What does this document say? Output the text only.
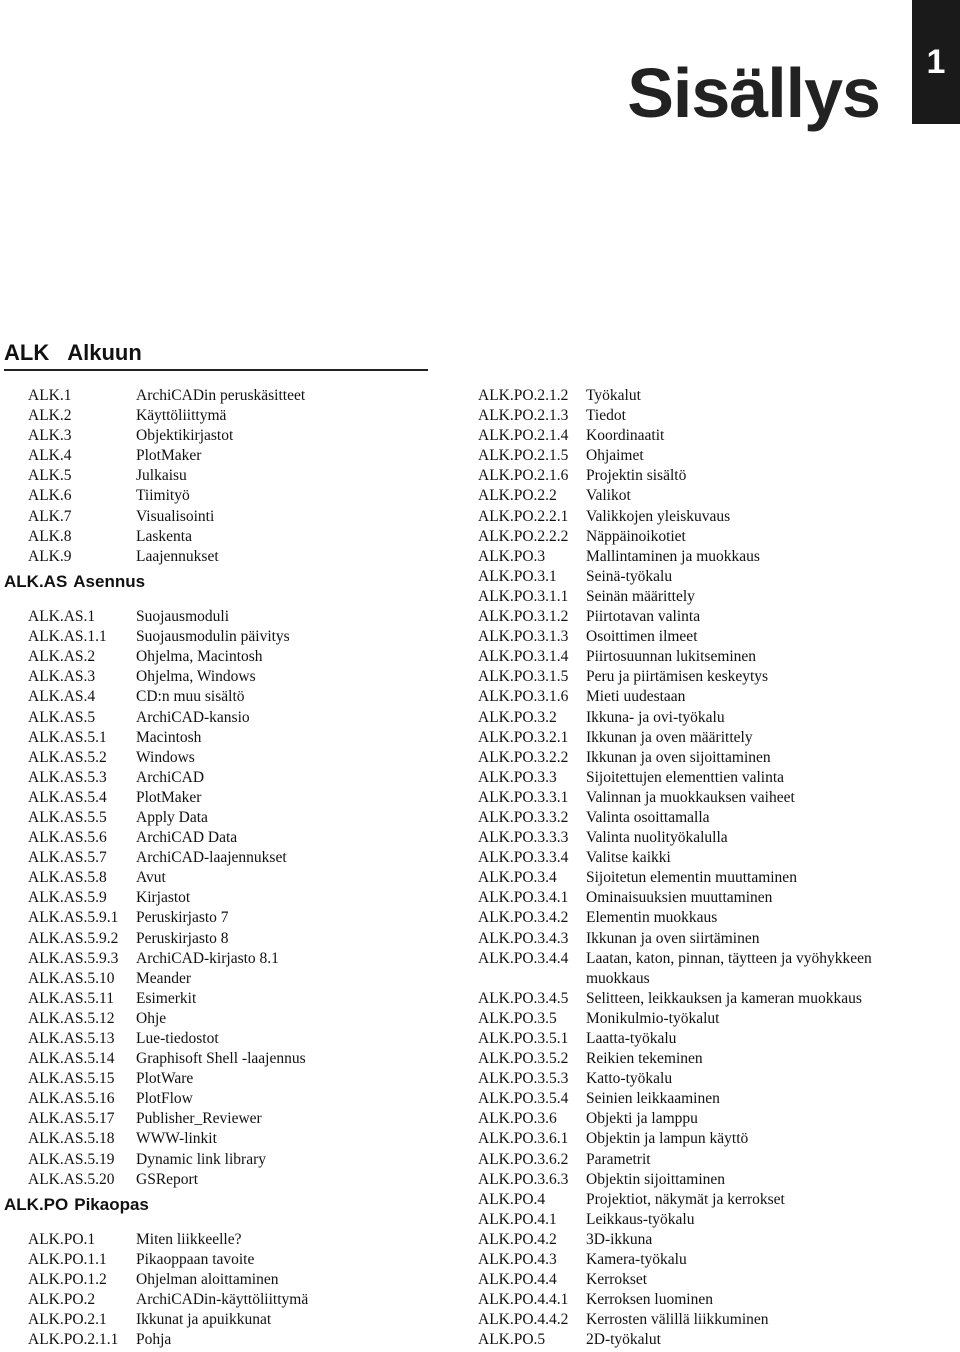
1
Sisällys
ALK Alkuun
ALK.1	ArchiCADin peruskäsitteet
ALK.2	Käyttöliittymä
ALK.3	Objektikirjastot
ALK.4	PlotMaker
ALK.5	Julkaisu
ALK.6	Tiimityö
ALK.7	Visualisointi
ALK.8	Laskenta
ALK.9	Laajennukset
ALK.AS Asennus
ALK.AS.1	Suojausmoduli
ALK.AS.1.1	Suojausmodulin päivitys
ALK.AS.2	Ohjelma, Macintosh
ALK.AS.3	Ohjelma, Windows
ALK.AS.4	CD:n muu sisältö
ALK.AS.5	ArchiCAD-kansio
ALK.AS.5.1	Macintosh
ALK.AS.5.2	Windows
ALK.AS.5.3	ArchiCAD
ALK.AS.5.4	PlotMaker
ALK.AS.5.5	Apply Data
ALK.AS.5.6	ArchiCAD Data
ALK.AS.5.7	ArchiCAD-laajennukset
ALK.AS.5.8	Avut
ALK.AS.5.9	Kirjastot
ALK.AS.5.9.1	Peruskirjasto 7
ALK.AS.5.9.2	Peruskirjasto 8
ALK.AS.5.9.3	ArchiCAD-kirjasto 8.1
ALK.AS.5.10	Meander
ALK.AS.5.11	Esimerkit
ALK.AS.5.12	Ohje
ALK.AS.5.13	Lue-tiedostot
ALK.AS.5.14	Graphisoft Shell -laajennus
ALK.AS.5.15	PlotWare
ALK.AS.5.16	PlotFlow
ALK.AS.5.17	Publisher_Reviewer
ALK.AS.5.18	WWW-linkit
ALK.AS.5.19	Dynamic link library
ALK.AS.5.20	GSReport
ALK.PO Pikaopas
ALK.PO.1	Miten liikkeelle?
ALK.PO.1.1	Pikaoppaan tavoite
ALK.PO.1.2	Ohjelman aloittaminen
ALK.PO.2	ArchiCADin-käyttöliittymä
ALK.PO.2.1	Ikkunat ja apuikkunat
ALK.PO.2.1.1	Pohja
ALK.PO.2.1.2	Työkalut
ALK.PO.2.1.3	Tiedot
ALK.PO.2.1.4	Koordinaatit
ALK.PO.2.1.5	Ohjaimet
ALK.PO.2.1.6	Projektin sisältö
ALK.PO.2.2	Valikot
ALK.PO.2.2.1	Valikkojen yleiskuvaus
ALK.PO.2.2.2	Näppäinoikotiet
ALK.PO.3	Mallintaminen ja muokkaus
ALK.PO.3.1	Seinä-työkalu
ALK.PO.3.1.1	Seinän määrittely
ALK.PO.3.1.2	Piirtotavan valinta
ALK.PO.3.1.3	Osoittimen ilmeet
ALK.PO.3.1.4	Piirtosuunnan lukitseminen
ALK.PO.3.1.5	Peru ja piirtämisen keskeytys
ALK.PO.3.1.6	Mieti uudestaan
ALK.PO.3.2	Ikkuna- ja ovi-työkalu
ALK.PO.3.2.1	Ikkunan ja oven määrittely
ALK.PO.3.2.2	Ikkunan ja oven sijoittaminen
ALK.PO.3.3	Sijoitettujen elementtien valinta
ALK.PO.3.3.1	Valinnan ja muokkauksen vaiheet
ALK.PO.3.3.2	Valinta osoittamalla
ALK.PO.3.3.3	Valinta nuolityökalulla
ALK.PO.3.3.4	Valitse kaikki
ALK.PO.3.4	Sijoitetun elementin muuttaminen
ALK.PO.3.4.1	Ominaisuuksien muuttaminen
ALK.PO.3.4.2	Elementin muokkaus
ALK.PO.3.4.3	Ikkunan ja oven siirtäminen
ALK.PO.3.4.4	Laatan, katon, pinnan, täytteen ja vyöhykkeen muokkaus
ALK.PO.3.4.5	Selitteen, leikkauksen ja kameran muokkaus
ALK.PO.3.5	Monikulmio-työkalut
ALK.PO.3.5.1	Laatta-työkalu
ALK.PO.3.5.2	Reikien tekeminen
ALK.PO.3.5.3	Katto-työkalu
ALK.PO.3.5.4	Seinien leikkaaminen
ALK.PO.3.6	Objekti ja lamppu
ALK.PO.3.6.1	Objektin ja lampun käyttö
ALK.PO.3.6.2	Parametrit
ALK.PO.3.6.3	Objektin sijoittaminen
ALK.PO.4	Projektiot, näkymät ja kerrokset
ALK.PO.4.1	Leikkaus-työkalu
ALK.PO.4.2	3D-ikkuna
ALK.PO.4.3	Kamera-työkalu
ALK.PO.4.4	Kerrokset
ALK.PO.4.4.1	Kerroksen luominen
ALK.PO.4.4.2	Kerrosten välillä liikkuminen
ALK.PO.5	2D-työkalut
